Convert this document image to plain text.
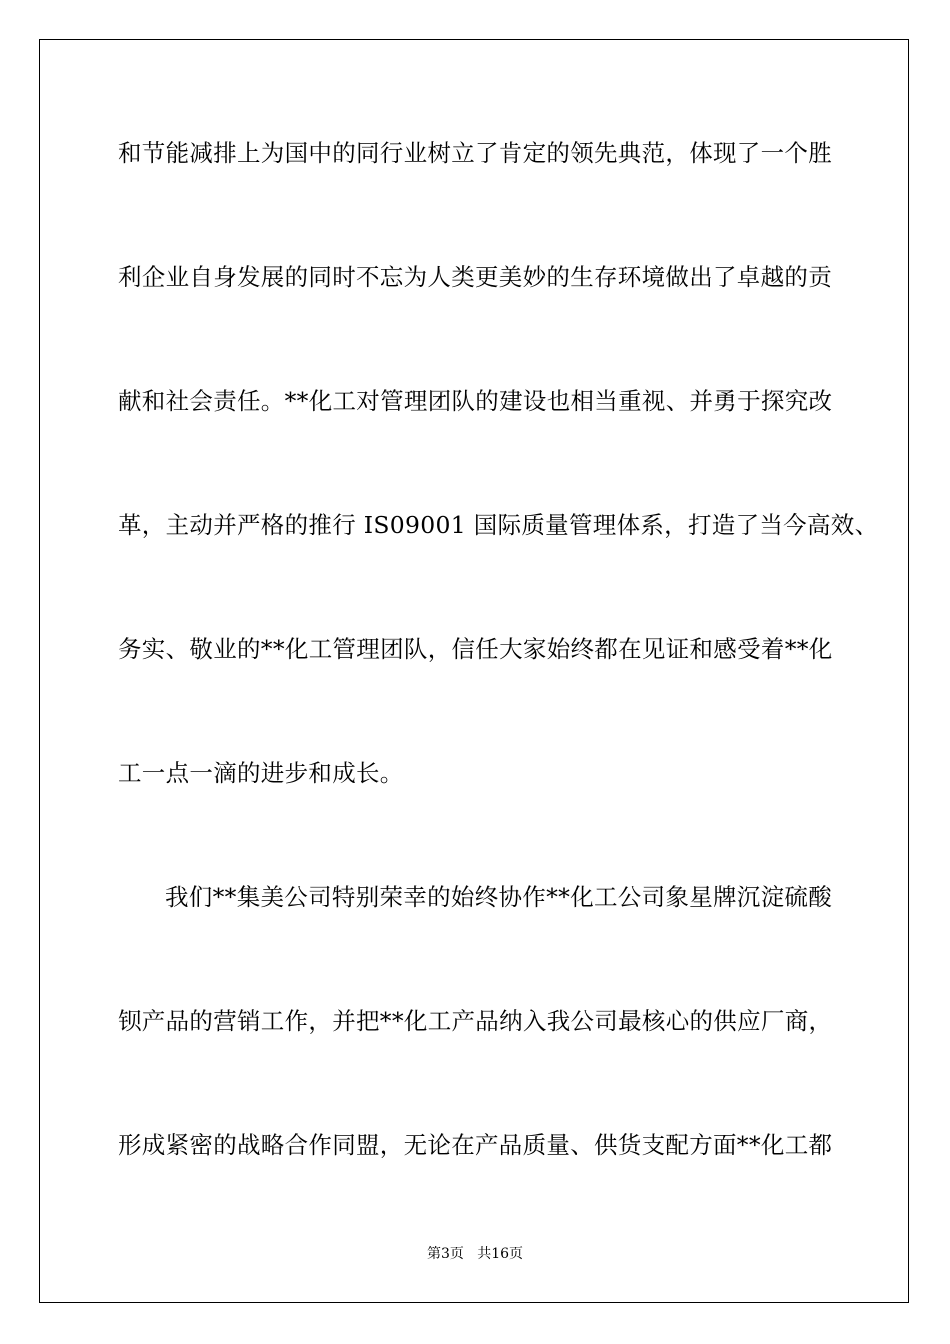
和节能减排上为国中的同行业树立了肯定的领先典范，体现了一个胜
利企业自身发展的同时不忘为人类更美妙的生存环境做出了卓越的贡
献和社会责任。**化工对管理团队的建设也相当重视、并勇于探究改
革，主动并严格的推行 IS09001 国际质量管理体系，打造了当今高效、
务实、敬业的**化工管理团队，信任大家始终都在见证和感受着**化
工一点一滴的进步和成长。
我们**集美公司特别荣幸的始终协作**化工公司象星牌沉淀硫酸
钡产品的营销工作，并把**化工产品纳入我公司最核心的供应厂商，
形成紧密的战略合作同盟，无论在产品质量、供货支配方面**化工都
第3页   共16页
